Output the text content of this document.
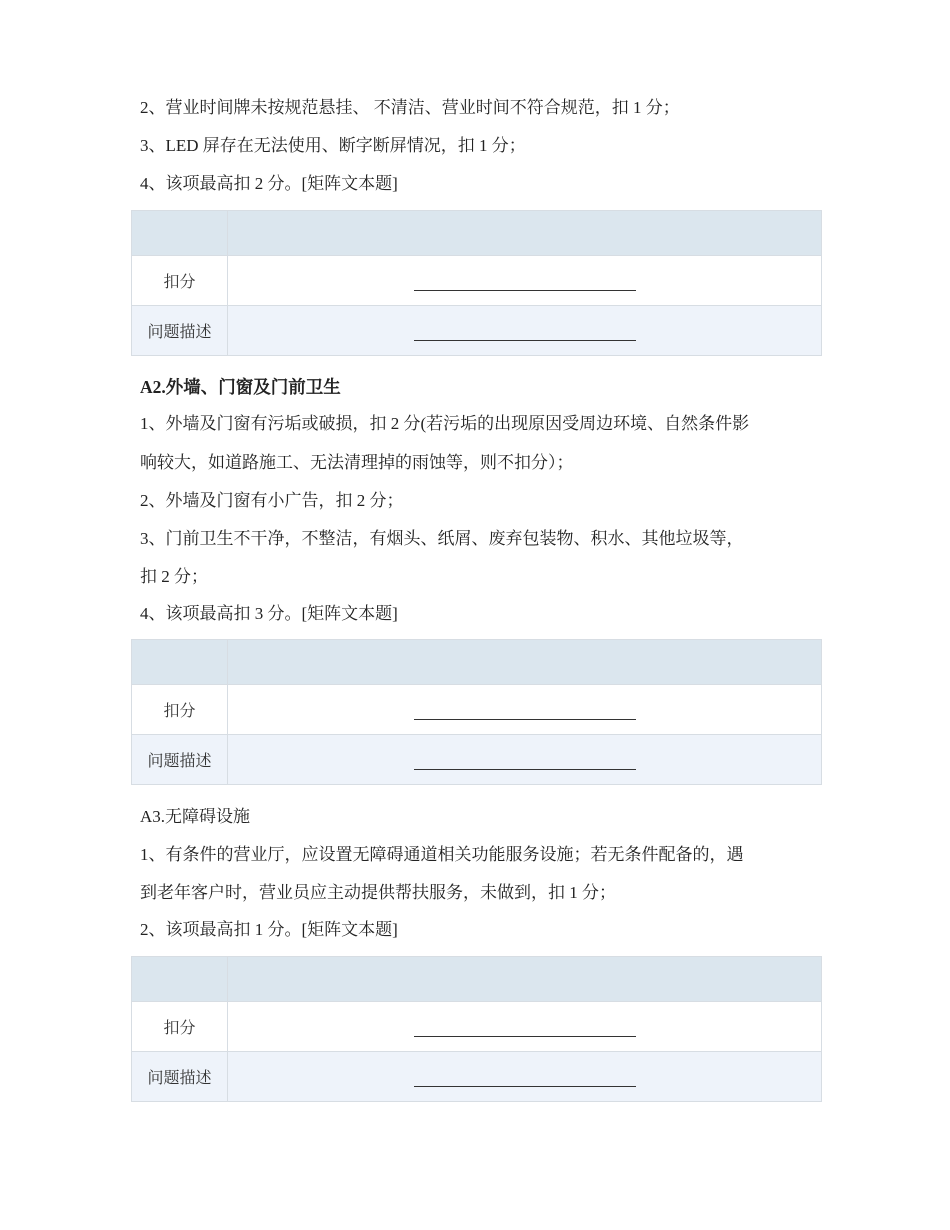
2、营业时间牌未按规范悬挂、 不清洁、营业时间不符合规范，扣 1 分；
3、LED 屏存在无法使用、断字断屏情况，扣 1 分；
4、该项最高扣 2 分。[矩阵文本题]
扣分
问题描述
A2.外墙、门窗及门前卫生
1、外墙及门窗有污垢或破损，扣 2 分(若污垢的出现原因受周边环境、自然条件影
响较大，如道路施工、无法清理掉的雨蚀等，则不扣分）；
2、外墙及门窗有小广告，扣 2 分；
3、门前卫生不干净，不整洁，有烟头、纸屑、废弃包装物、积水、其他垃圾等，
扣 2 分；
4、该项最高扣 3 分。[矩阵文本题]
扣分
问题描述
A3.无障碍设施
1、有条件的营业厅，应设置无障碍通道相关功能服务设施；若无条件配备的，遇
到老年客户时，营业员应主动提供帮扶服务，未做到，扣 1 分；
2、该项最高扣 1 分。[矩阵文本题]
扣分
问题描述
